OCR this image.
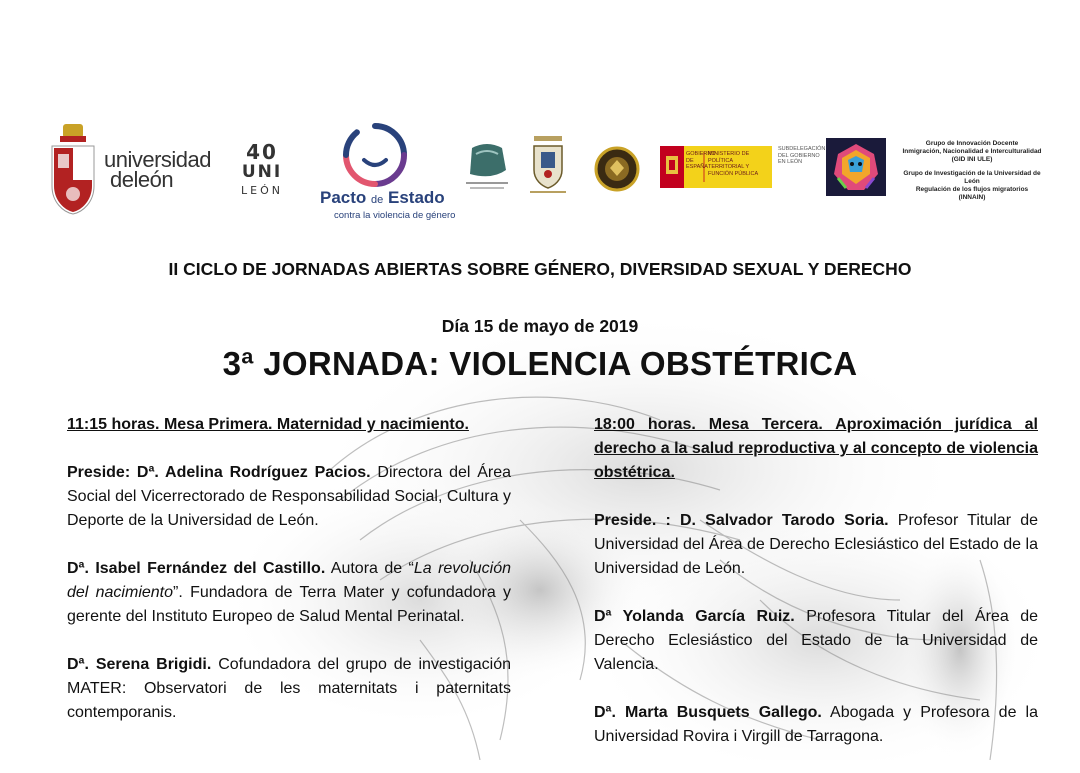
universidad
deleón
40
UNI
LEÓN Pacto de Estado
contra la violencia de género
GOBIERNO DE ESPAÑA
MINISTERIO DE POLÍTICA TERRITORIAL Y FUNCIÓN PÚBLICA
SUBDELEGACIÓN DEL GOBIERNO EN LEÓN
Grupo de Innovación Docente
Inmigración, Nacionalidad e Interculturalidad
(GID INI ULE)
Grupo de Investigación de la Universidad de León
Regulación de los flujos migratorios
(INNAIN)
II CICLO DE JORNADAS ABIERTAS SOBRE GÉNERO, DIVERSIDAD SEXUAL Y DERECHO
Día 15 de mayo de 2019
3ª JORNADA: VIOLENCIA OBSTÉTRICA

11:15 horas. Mesa Primera. Maternidad y nacimiento.

Preside: Dª. Adelina Rodríguez Pacios. Directora del Área Social del Vicerrectorado de Responsabilidad Social, Cultura y Deporte de la Universidad de León.

Dª. Isabel Fernández del Castillo. Autora de “La revolución del nacimiento”. Fundadora de Terra Mater y cofundadora y gerente del Instituto Europeo de Salud Mental Perinatal.

Dª. Serena Brigidi. Cofundadora del grupo de investigación MATER: Observatori de les maternitats i paternitats contemporanis.

18:00 horas. Mesa Tercera. Aproximación jurídica al derecho a la salud reproductiva y al concepto de violencia obstétrica.

Preside. : D. Salvador Tarodo Soria. Profesor Titular de Universidad del Área de Derecho Eclesiástico del Estado de la Universidad de León.

Dª Yolanda García Ruiz. Profesora Titular del Área de Derecho Eclesiástico del Estado de la Universidad de Valencia.

Dª. Marta Busquets Gallego. Abogada y Profesora de la Universidad Rovira i Virgill de Tarragona.
